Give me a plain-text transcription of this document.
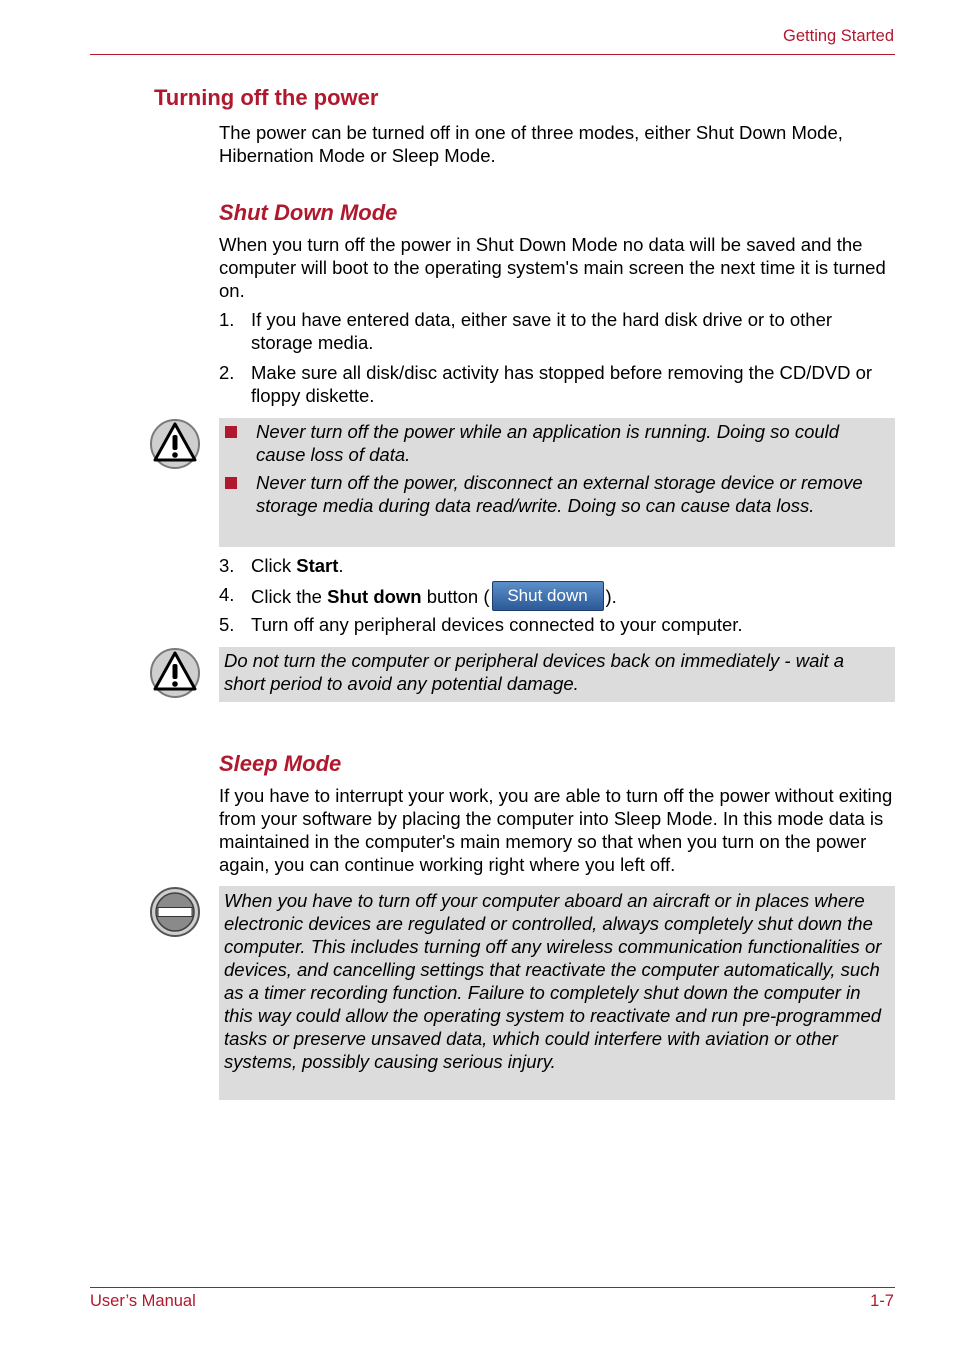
Getting Started
Turning off the power
The power can be turned off in one of three modes, either Shut Down Mode, Hibernation Mode or Sleep Mode.
Shut Down Mode
When you turn off the power in Shut Down Mode no data will be saved and the computer will boot to the operating system's main screen the next time it is turned on.
1. If you have entered data, either save it to the hard disk drive or to other storage media.
2. Make sure all disk/disc activity has stopped before removing the CD/DVD or floppy diskette.
Never turn off the power while an application is running. Doing so could cause loss of data.
Never turn off the power, disconnect an external storage device or remove storage media during data read/write. Doing so can cause data loss.
3. Click Start.
4. Click the Shut down button ( Shut down ).
5. Turn off any peripheral devices connected to your computer.
Do not turn the computer or peripheral devices back on immediately - wait a short period to avoid any potential damage.
Sleep Mode
If you have to interrupt your work, you are able to turn off the power without exiting from your software by placing the computer into Sleep Mode. In this mode data is maintained in the computer's main memory so that when you turn on the power again, you can continue working right where you left off.
When you have to turn off your computer aboard an aircraft or in places where electronic devices are regulated or controlled, always completely shut down the computer. This includes turning off any wireless communication functionalities or devices, and cancelling settings that reactivate the computer automatically, such as a timer recording function. Failure to completely shut down the computer in this way could allow the operating system to reactivate and run pre-programmed tasks or preserve unsaved data, which could interfere with aviation or other systems, possibly causing serious injury.
User’s Manual	1-7
